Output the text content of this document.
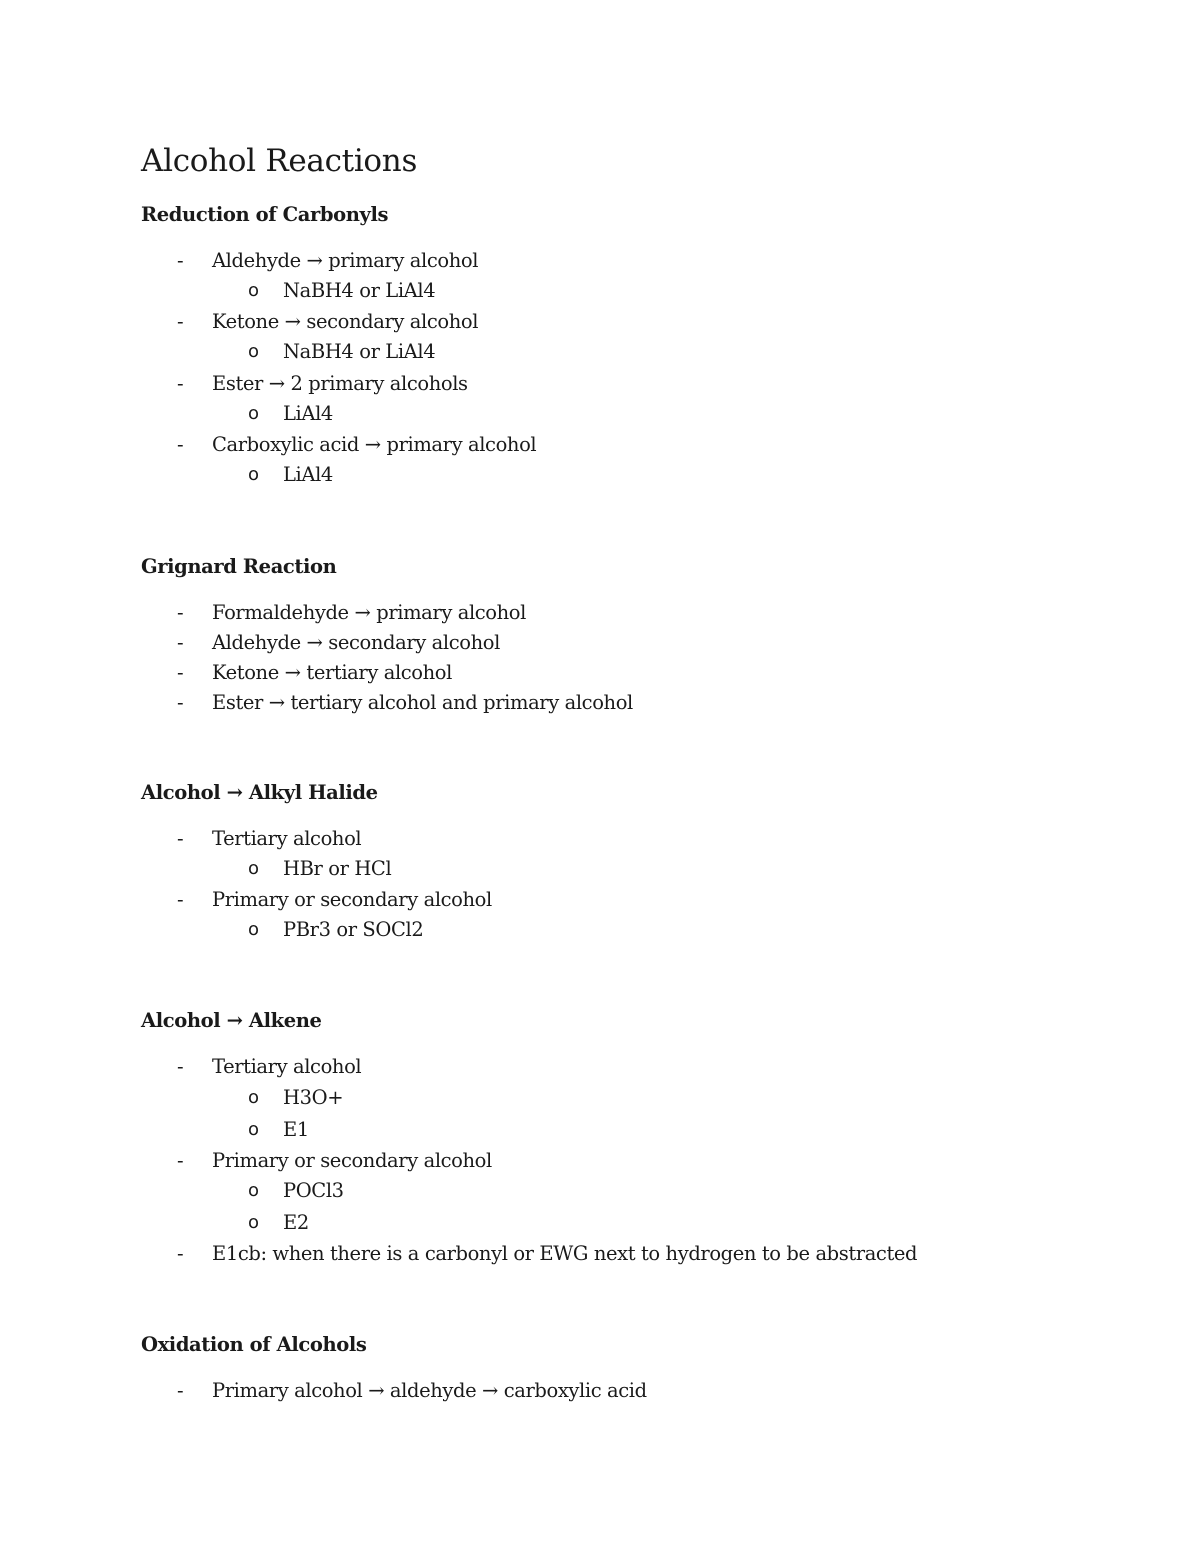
Alcohol Reactions
Reduction of Carbonyls
- Aldehyde → primary alcohol
o NaBH4 or LiAl4
- Ketone → secondary alcohol
o NaBH4 or LiAl4
- Ester → 2 primary alcohols
o LiAl4
- Carboxylic acid → primary alcohol
o LiAl4
Grignard Reaction
- Formaldehyde → primary alcohol
- Aldehyde → secondary alcohol
- Ketone → tertiary alcohol
- Ester → tertiary alcohol and primary alcohol
Alcohol → Alkyl Halide
- Tertiary alcohol
o HBr or HCl
- Primary or secondary alcohol
o PBr3 or SOCl2
Alcohol → Alkene
- Tertiary alcohol
o H3O+
o E1
- Primary or secondary alcohol
o POCl3
o E2
- E1cb: when there is a carbonyl or EWG next to hydrogen to be abstracted
Oxidation of Alcohols
- Primary alcohol → aldehyde → carboxylic acid
